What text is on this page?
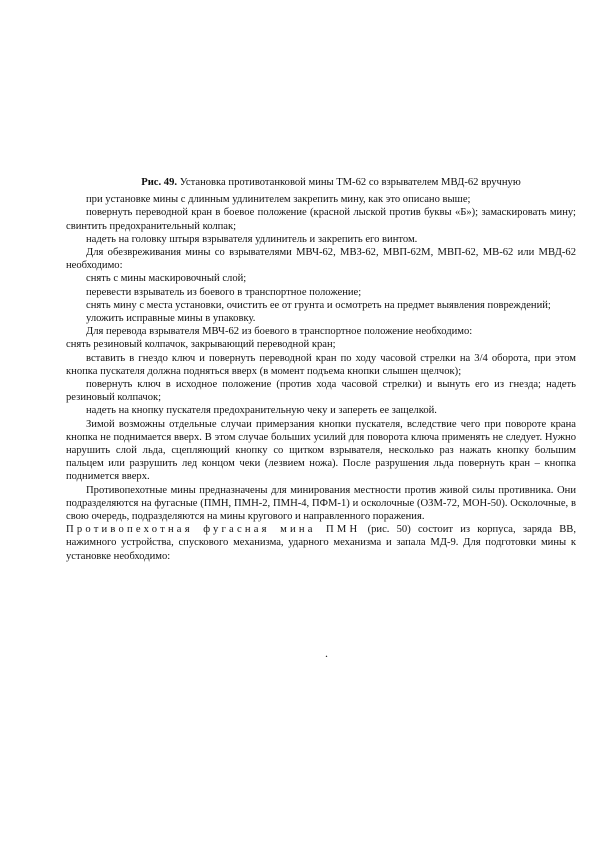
Рис. 49. Установка противотанковой мины ТМ-62 со взрывателем МВД-62 вручную

при установке мины с длинным удлинителем закрепить мину, как это описано выше;

повернуть переводной кран в боевое положение (красной лыской против буквы «Б»); замаскировать мину; свинтить предохранительный колпак;

надеть на головку штыря взрывателя удлинитель и закрепить его винтом.

Для обезвреживания мины со взрывателями МВЧ-62, МВЗ-62, МВП-62М, МВП-62, МВ-62 или МВД-62 необходимо:

снять с мины маскировочный слой;

перевести взрыватель из боевого в транспортное положение;

снять мину с места установки, очистить ее от грунта и осмотреть на предмет выявления повреждений;

уложить исправные мины в упаковку.

Для перевода взрывателя МВЧ-62 из боевого в транспортное положение необходимо:

снять резиновый колпачок, закрывающий переводной кран;

вставить в гнездо ключ и повернуть переводной кран по ходу часовой стрелки на 3/4 оборота, при этом кнопка пускателя должна подняться вверх (в момент подъема кнопки слышен щелчок);

повернуть ключ в исходное положение (против хода часовой стрелки) и вынуть его из гнезда; надеть резиновый колпачок;

надеть на кнопку пускателя предохранительную чеку и запереть ее защелкой.

Зимой возможны отдельные случаи примерзания кнопки пускателя, вследствие чего при повороте крана кнопка не поднимается вверх. В этом случае больших усилий для поворота ключа применять не следует. Нужно нарушить слой льда, сцепляющий кнопку со щитком взрывателя, несколько раз нажать кнопку большим пальцем или разрушить лед концом чеки (лезвием ножа). После разрушения льда повернуть кран – кнопка поднимется вверх.

Противопехотные мины предназначены для минирования местности против живой силы противника. Они подразделяются на фугасные (ПМН, ПМН-2, ПМН-4, ПФМ-1) и осколочные (ОЗМ-72, МОН-50). Осколочные, в свою очередь, подразделяются на мины кругового и направленного поражения.

Противопехотная фугасная мина ПМН (рис. 50) состоит из корпуса, заряда ВВ, нажимного устройства, спускового механизма, ударного механизма и запала МД-9. Для подготовки мины к установке необходимо:

.
